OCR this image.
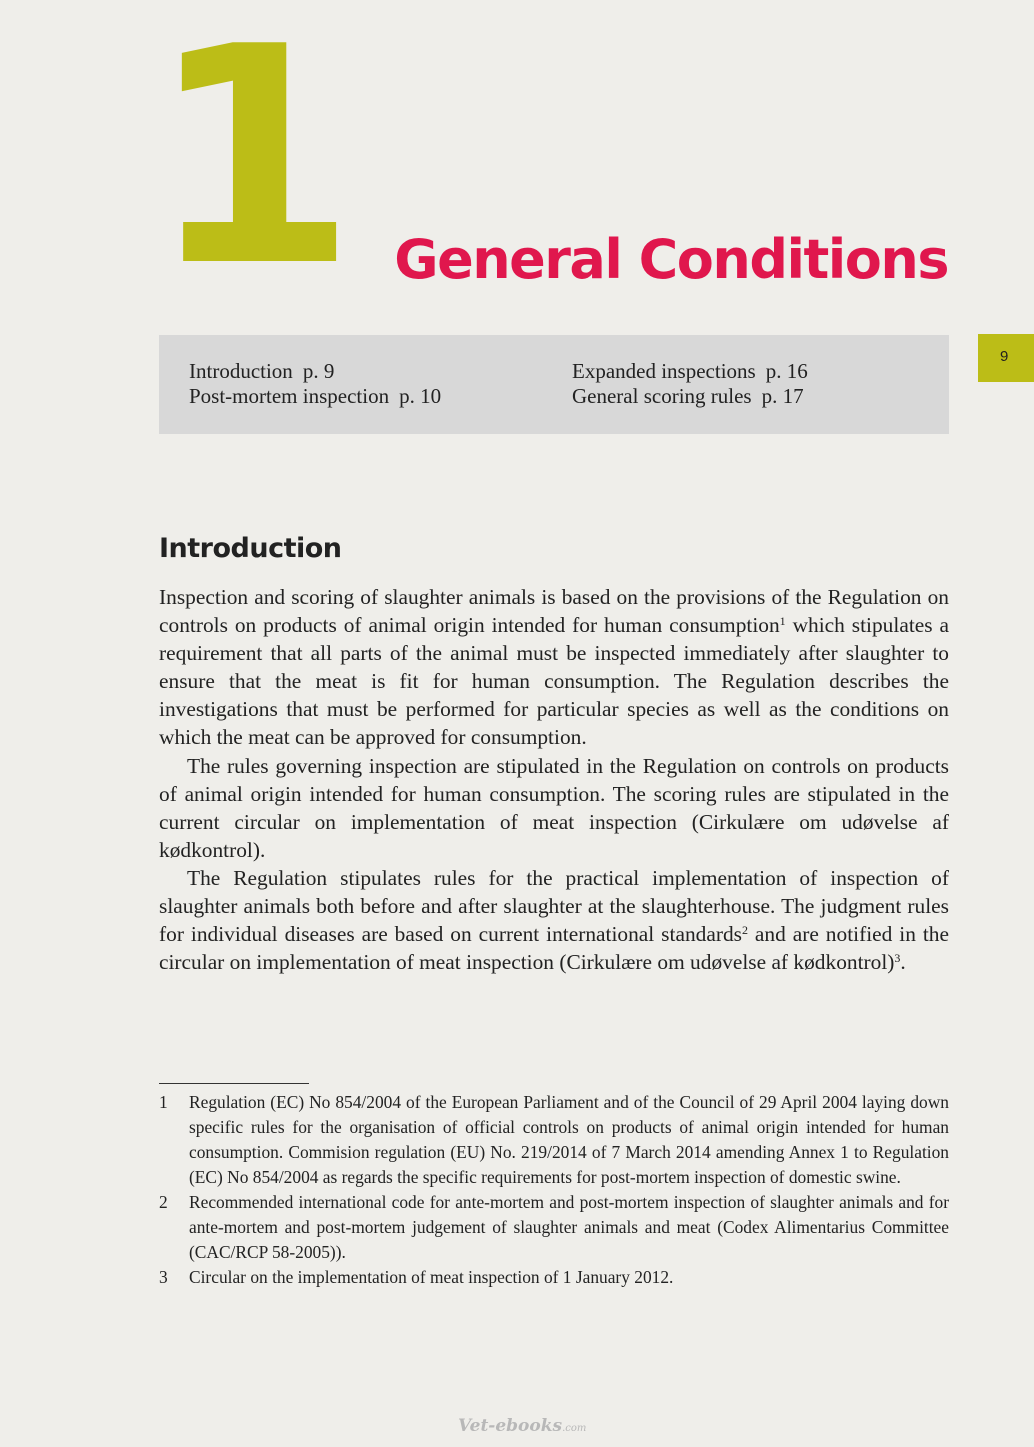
1 General Conditions
9
Introduction p. 9
Post-mortem inspection p. 10
Expanded inspections p. 16
General scoring rules p. 17
Introduction

Inspection and scoring of slaughter animals is based on the provisions of the Regulation on controls on products of animal origin intended for human consumption$^1$ which stipulates a requirement that all parts of the animal must be inspected immediately after slaughter to ensure that the meat is fit for human consumption. The Regulation describes the investigations that must be performed for particular species as well as the conditions on which the meat can be approved for consumption.

The rules governing inspection are stipulated in the Regulation on controls on products of animal origin intended for human consumption. The scoring rules are stipulated in the current circular on implementation of meat inspection (Cirkulære om udøvelse af kødkontrol).

The Regulation stipulates rules for the practical implementation of inspection of slaughter animals both before and after slaughter at the slaughterhouse. The judgment rules for individual diseases are based on current international standards$^2$ and are notified in the circular on implementation of meat inspection (Cirkulære om udøvelse af kødkontrol)$^3$.

1 Regulation (EC) No 854/2004 of the European Parliament and of the Council of 29 April 2004 laying down specific rules for the organisation of official controls on products of animal origin intended for human consumption. Commision regulation (EU) No. 219/2014 of 7 March 2014 amending Annex 1 to Regulation (EC) No 854/2004 as regards the specific requirements for post-mortem inspection of domestic swine.
2 Recommended international code for ante-mortem and post-mortem inspection of slaughter animals and for ante-mortem and post-mortem judgement of slaughter animals and meat (Codex Alimentarius Committee (CAC/RCP 58-2005)).
3 Circular on the implementation of meat inspection of 1 January 2012.
Vet-ebooks.com
